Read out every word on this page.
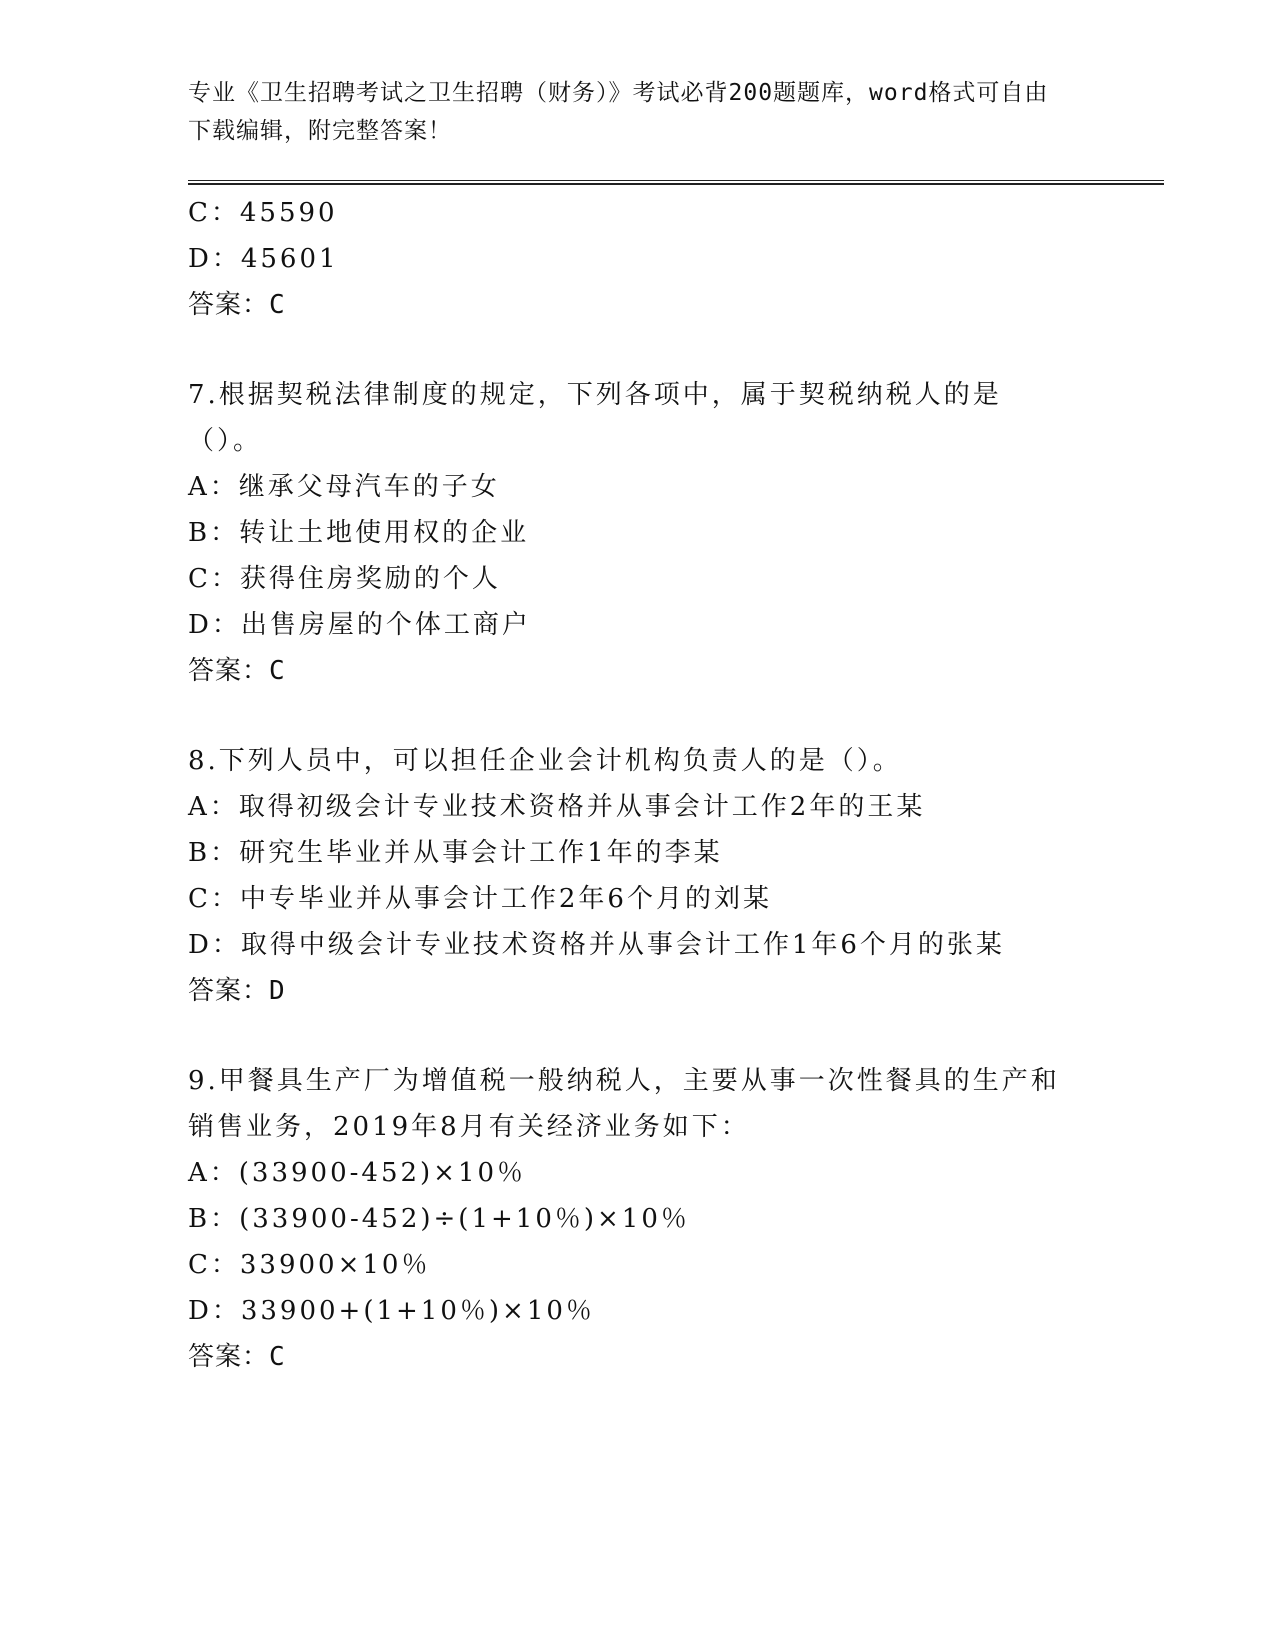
专业《卫生招聘考试之卫生招聘（财务）》考试必背200题题库，word格式可自由下载编辑，附完整答案！
C：45590
D：45601
答案：C
7.根据契税法律制度的规定，下列各项中，属于契税纳税人的是（）。
A：继承父母汽车的子女
B：转让土地使用权的企业
C：获得住房奖励的个人
D：出售房屋的个体工商户
答案：C
8.下列人员中，可以担任企业会计机构负责人的是（）。
A：取得初级会计专业技术资格并从事会计工作2年的王某
B：研究生毕业并从事会计工作1年的李某
C：中专毕业并从事会计工作2年6个月的刘某
D：取得中级会计专业技术资格并从事会计工作1年6个月的张某
答案：D
9.甲餐具生产厂为增值税一般纳税人，主要从事一次性餐具的生产和销售业务，2019年8月有关经济业务如下：
A：(33900-452)×10％
B：(33900-452)÷(1+10％)×10％
C：33900×10％
D：33900+(1+10％)×10％
答案：C
